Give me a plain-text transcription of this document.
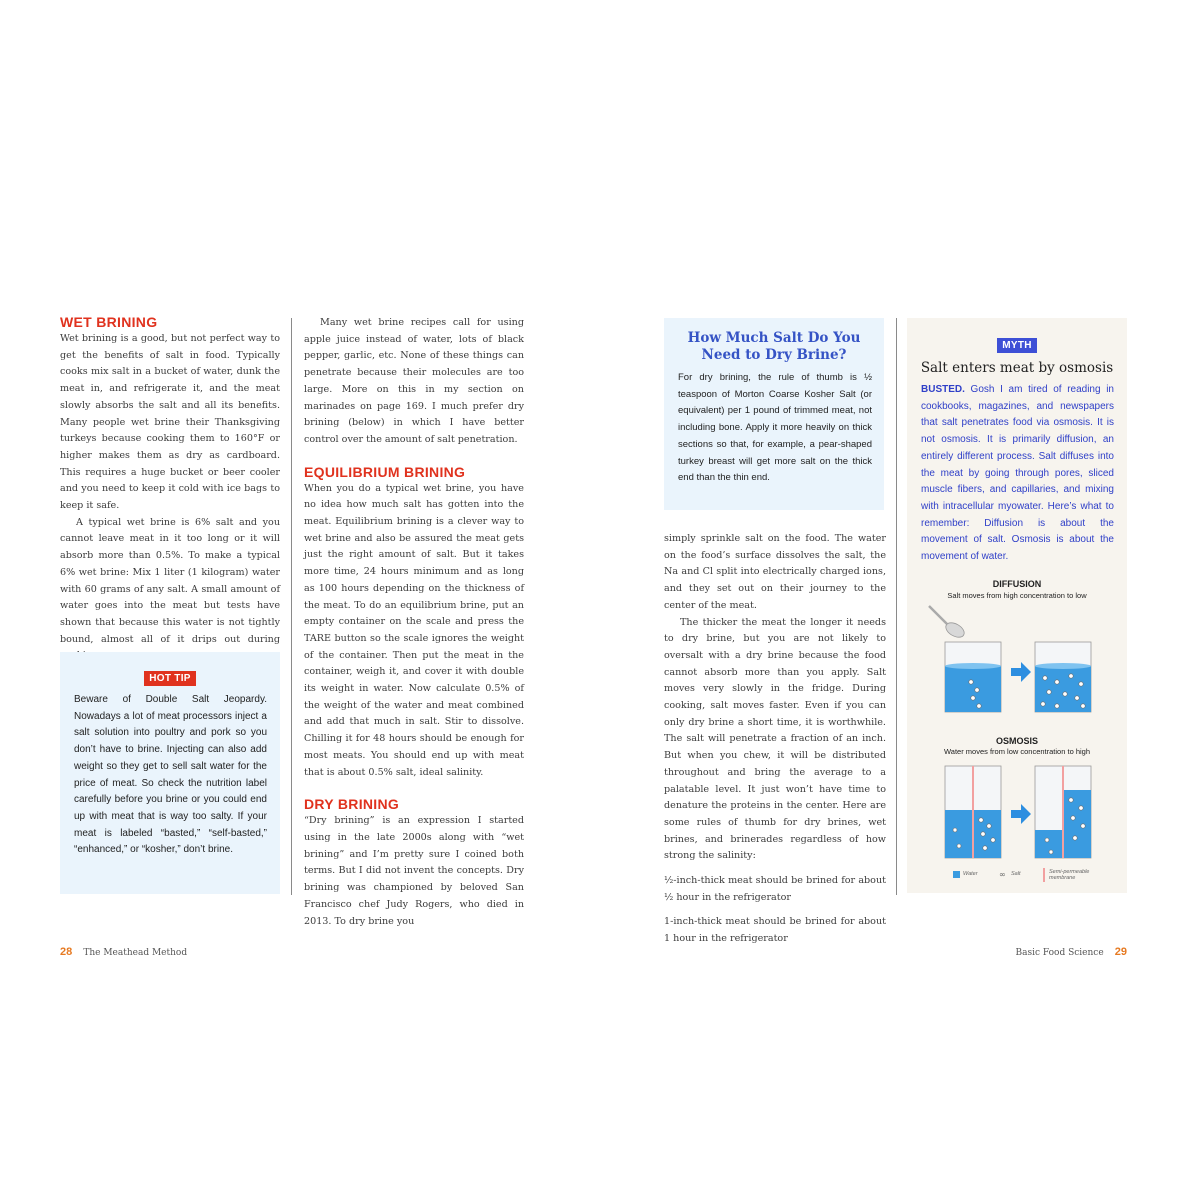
WET BRINING

Wet brining is a good, but not perfect way to get the benefits of salt in food. Typically cooks mix salt in a bucket of water, dunk the meat in, and refrigerate it, and the meat slowly absorbs the salt and all its benefits. Many people wet brine their Thanksgiving turkeys because cooking them to 160°F or higher makes them as dry as cardboard. This requires a huge bucket or beer cooler and you need to keep it cold with ice bags to keep it safe.

A typical wet brine is 6% salt and you cannot leave meat in it too long or it will absorb more than 0.5%. To make a typical 6% wet brine: Mix 1 liter (1 kilogram) water with 60 grams of any salt. A small amount of water goes into the meat but tests have shown that because this water is not tightly bound, almost all of it drips out during

HOT TIP
Beware of Double Salt Jeopardy. Nowadays a lot of meat processors inject a salt solution into poultry and pork so you don’t have to brine. Injecting can also add weight so they get to sell salt water for the price of meat. So check the nutrition label carefully before you brine or you could end up with meat that is way too salty. If your meat is labeled “basted,” “self-basted,” “enhanced,” or “kosher,” don’t brine.

Many wet brine recipes call for using apple juice instead of water, lots of black pepper, garlic, etc. None of these things can penetrate because their molecules are too large. More on this in my section on marinades on page 169. I much prefer dry brining (below) in which I have better control over the amount of salt penetration.

EQUILIBRIUM BRINING

When you do a typical wet brine, you have no idea how much salt has gotten into the meat. Equilibrium brining is a clever way to wet brine and also be assured the meat gets just the right amount of salt. But it takes more time, 24 hours minimum and as long as 100 hours depending on the thickness of the meat. To do an equilibrium brine, put an empty container on the scale and press the TARE button so the scale ignores the weight of the container. Then put the meat in the container, weigh it, and cover it with double its weight in water. Now calculate 0.5% of the weight of the water and meat combined and add that much in salt. Stir to dissolve. Chilling it for 48 hours should be enough for most meats. You should end up with meat that is about 0.5% salt, ideal salinity.

DRY BRINING

“Dry brining” is an expression I started using in the late 2000s along with “wet brining” and I’m pretty sure I coined both terms. But I did not invent the concepts. Dry brining was championed by beloved San Francisco chef Judy Rogers, who died in 2013. To dry brine you

28 The Meathead Method
How Much Salt Do You
Need to Dry Brine?
For dry brining, the rule of thumb is ½ teaspoon of Morton Coarse Kosher Salt (or equivalent) per 1 pound of trimmed meat, not including bone. Apply it more heavily on thick sections so that, for example, a pear-shaped turkey breast will get more salt on the thick end than the thin end.

simply sprinkle salt on the food. The water on the food’s surface dissolves the salt, the Na and Cl split into electrically charged ions, and they set out on their journey to the center of the meat.

The thicker the meat the longer it needs to dry brine, but you are not likely to oversalt with a dry brine because the food cannot absorb more than you apply. Salt moves very slowly in the fridge. During cooking, salt moves faster. Even if you can only dry brine a short time, it is worthwhile. The salt will penetrate a fraction of an inch. But when you chew, it will be distributed throughout and bring the average to a palatable level. It just won’t have time to denature the proteins in the center. Here are some rules of thumb for dry brines, wet brines, and brinerades regardless of how strong the salinity:

½-inch-thick meat should be brined for about ½ hour in the refrigerator

1-inch-thick meat should be brined for about 1 hour in the refrigerator

MYTH
Salt enters meat by osmosis
BUSTED. Gosh I am tired of reading in cookbooks, magazines, and newspapers that salt penetrates food via osmosis. It is not osmosis. It is primarily diffusion, an entirely different process. Salt diffuses into the meat by going through pores, sliced muscle fibers, and capillaries, and mixing with intracellular myowater. Here’s what to remember: Diffusion is about the movement of salt. Osmosis is about the movement of water.
DIFFUSION
Salt moves from high concentration to low
OSMOSIS
Water moves from low concentration to high
Water	∞ Salt	Semi-permeable
membrane
Basic Food Science 29
